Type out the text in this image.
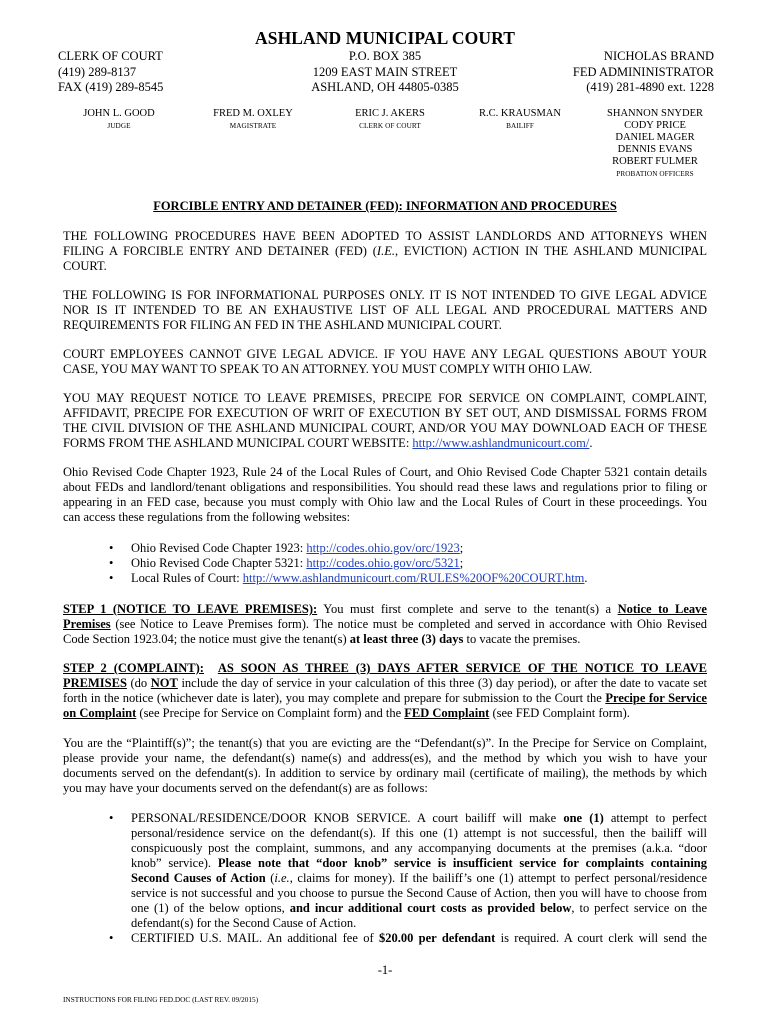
ASHLAND MUNICIPAL COURT
CLERK OF COURT
(419) 289-8137
FAX (419) 289-8545
P.O. BOX 385
1209 EAST MAIN STREET
ASHLAND, OH 44805-0385
NICHOLAS BRAND
FED ADMININISTRATOR
(419) 281-4890 ext. 1228
JOHN L. GOOD
JUDGE
FRED M. OXLEY
MAGISTRATE
ERIC J. AKERS
CLERK OF COURT
R.C. KRAUSMAN
BAILIFF
SHANNON SNYDER
CODY PRICE
DANIEL MAGER
DENNIS EVANS
ROBERT FULMER
PROBATION OFFICERS
FORCIBLE ENTRY AND DETAINER (FED): INFORMATION AND PROCEDURES
THE FOLLOWING PROCEDURES HAVE BEEN ADOPTED TO ASSIST LANDLORDS AND ATTORNEYS WHEN
FILING A FORCIBLE ENTRY AND DETAINER (FED) (I.E., EVICTION) ACTION IN THE ASHLAND MUNICIPAL
COURT.
THE FOLLOWING IS FOR INFORMATIONAL PURPOSES ONLY. IT IS NOT INTENDED TO GIVE LEGAL ADVICE
NOR IS IT INTENDED TO BE AN EXHAUSTIVE LIST OF ALL LEGAL AND PROCEDURAL MATTERS AND
REQUIREMENTS FOR FILING AN FED IN THE ASHLAND MUNICIPAL COURT.
COURT EMPLOYEES CANNOT GIVE LEGAL ADVICE. IF YOU HAVE ANY LEGAL QUESTIONS ABOUT YOUR
CASE, YOU MAY WANT TO SPEAK TO AN ATTORNEY. YOU MUST COMPLY WITH OHIO LAW.
YOU MAY REQUEST NOTICE TO LEAVE PREMISES, PRECIPE FOR SERVICE ON COMPLAINT, COMPLAINT,
AFFIDAVIT, PRECIPE FOR EXECUTION OF WRIT OF EXECUTION BY SET OUT, AND DISMISSAL FORMS FROM
THE CIVIL DIVISION OF THE ASHLAND MUNICIPAL COURT, AND/OR YOU MAY DOWNLOAD EACH OF THESE
FORMS FROM THE ASHLAND MUNICIPAL COURT WEBSITE: http://www.ashlandmunicourt.com/.
Ohio Revised Code Chapter 1923, Rule 24 of the Local Rules of Court, and Ohio Revised Code Chapter 5321 contain details
about FEDs and landlord/tenant obligations and responsibilities. You should read these laws and regulations prior to filing or
appearing in an FED case, because you must comply with Ohio law and the Local Rules of Court in these proceedings. You
can access these regulations from the following websites:
• Ohio Revised Code Chapter 1923: http://codes.ohio.gov/orc/1923;
• Ohio Revised Code Chapter 5321: http://codes.ohio.gov/orc/5321;
• Local Rules of Court: http://www.ashlandmunicourt.com/RULES%20OF%20COURT.htm.
STEP 1 (NOTICE TO LEAVE PREMISES): You must first complete and serve to the tenant(s) a Notice to Leave
Premises (see Notice to Leave Premises form). The notice must be completed and served in accordance with Ohio Revised
Code Section 1923.04; the notice must give the tenant(s) at least three (3) days to vacate the premises.
STEP 2 (COMPLAINT): AS SOON AS THREE (3) DAYS AFTER SERVICE OF THE NOTICE TO LEAVE
PREMISES (do NOT include the day of service in your calculation of this three (3) day period), or after the date to vacate set
forth in the notice (whichever date is later), you may complete and prepare for submission to the Court the Precipe for Service
on Complaint (see Precipe for Service on Complaint form) and the FED Complaint (see FED Complaint form).
You are the “Plaintiff(s)”; the tenant(s) that you are evicting are the “Defendant(s)”. In the Precipe for Service on Complaint,
please provide your name, the defendant(s) name(s) and address(es), and the method by which you wish to have your
documents served on the defendant(s). In addition to service by ordinary mail (certificate of mailing), the methods by which
you may have your documents served on the defendant(s) are as follows:
• PERSONAL/RESIDENCE/DOOR KNOB SERVICE. A court bailiff will make one (1) attempt to perfect
personal/residence service on the defendant(s). If this one (1) attempt is not successful, then the bailiff will
conspicuously post the complaint, summons, and any accompanying documents at the premises (a.k.a. “door
knob” service). Please note that “door knob” service is insufficient service for complaints containing
Second Causes of Action (i.e., claims for money). If the bailiff’s one (1) attempt to perfect personal/residence
service is not successful and you choose to pursue the Second Cause of Action, then you will have to choose from
one (1) of the below options, and incur additional court costs as provided below, to perfect service on the
defendant(s) for the Second Cause of Action.
• CERTIFIED U.S. MAIL. An additional fee of $20.00 per defendant is required. A court clerk will send the
-1-
INSTRUCTIONS FOR FILING FED.DOC (LAST REV. 09/2015)
